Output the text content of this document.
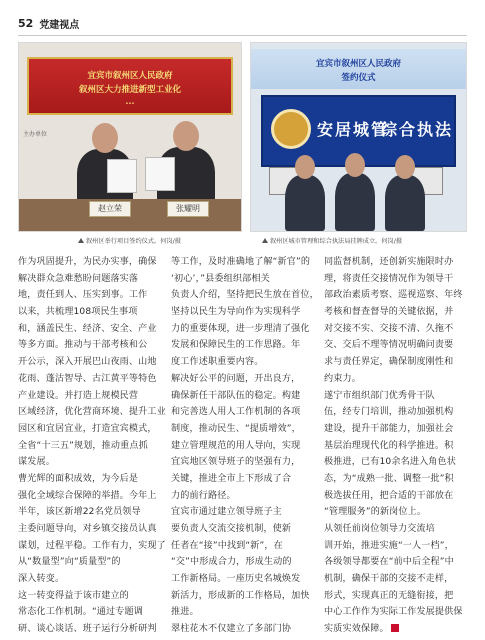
52 党建视点
宜宾市叙州区人民政府
叙州区大力推进新型工业化
...
主办单位
赵立荣	张耀明
宜宾市叙州区人民政府
签约仪式
安居城管
综合执法
叙州区举行项目签约仪式。何岗/摄	叙州区城市管理和综合执法局挂牌成立。何岗/摄
作为巩固提升，为民办实事，确保
解决群众急难愁盼问题落实落
地，责任到人、压实到事。工作
以来，共梳理108项民生事项
和，涵盖民生、经济、安全、产业
等多方面。推动与干部考核和公
开公示，深入开展巴山夜雨、山地
花雨、蓬沽智导、古江黄平等特色
产业建设。并打造上规模民营
区域经济，优化营商环境、提升工业
园区和宜居宜业，打造宜宾模式，
全省“十三五”规划，推动重点抓
谋发展。
曹光辉的面积成效，为今后是
强化全域综合保障的举措。今年上
半年，该区新增22名党员领导
主委问题导向，对乡镇交接员认真
谋划，过程平稳。工作有力，实现了
从“数量型”向“质量型”的
深入转变。
这一转变得益于该市建立的
常态化工作机制。“通过专题调
研、谈心谈话、班子运行分析研判
等工作，及时准确地了解“新官”的
‘初心’，”县委组织部相关
负责人介绍，坚持把民生放在首位，
坚持以民生为导向作为实现科学
力的重要体现，进一步理清了强化
发展和保障民生的工作思路。年
度工作述职重要内容。
解决好公平的问题，开出良方，
确保新任干部队伍的稳定。构建
和完善选人用人工作机制的各项
制度，推动民生、“提质增效”，
建立管理规范的用人导向，实现
宜宾地区领导班子的坚强有力，
关键，推进全市上下形成了合
力的前行路径。
宜宾市通过建立领导班子主
要负责人交流交接机制，使新
任者在“接”中找到“新”，在
“交”中形成合力，形成生动的
工作新格局。一座历史名城焕发
新活力，形成新的工作格局，加快
推进。
翠柱花木不仅建立了多部门协
同监督机制，还创新实施限时办
理，将责任交接情况作为领导干
部政治素质考察、巡视巡察、年终
考核和督查督导的关键依据，并
对交接不实、交接不清、久拖不
交、交后不理等情况明确问责要
求与责任界定，确保制度刚性和
约束力。
遂宁市组织部门优秀骨干队
伍，经专门培训，推动加强机构
建设，提升干部能力，加强社会
基层治理现代化的科学推进。积
极推进，已有10余名进入角色状
态，为“成熟一批、调整一批”积
极选拔任用，把合适的干部放在
“管理服务”的新岗位上。
从领任前岗位领导力交流培
训开始，推进实施“一人一档”，
各级领导都要在“前中后全程”中
机制，确保干部的交接不走样，
形式，实现真正的无缝衔接，把
中心工作作为实际工作发展提供保
实质实效保障。
